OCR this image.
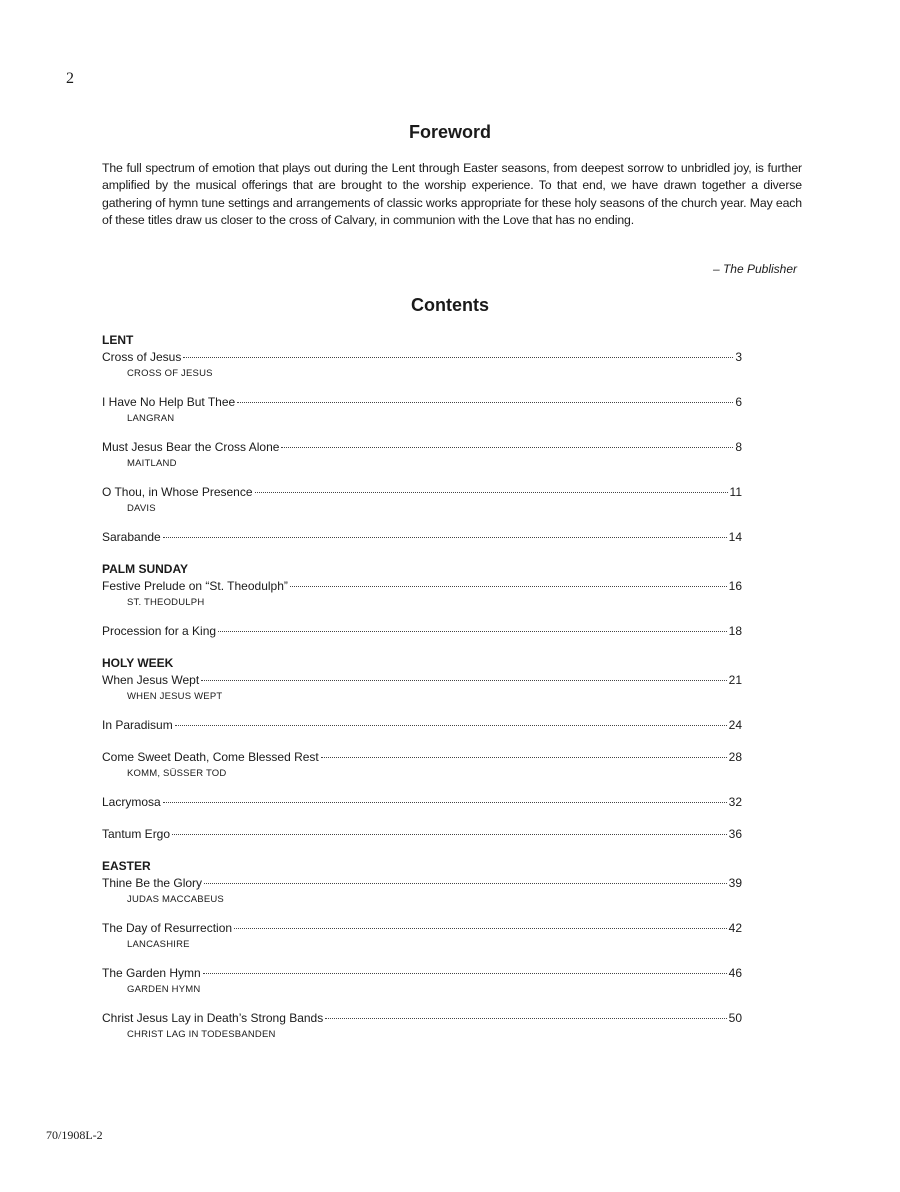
2
Foreword
The full spectrum of emotion that plays out during the Lent through Easter seasons, from deepest sorrow to unbridled joy, is further amplified by the musical offerings that are brought to the worship experience. To that end, we have drawn together a diverse gathering of hymn tune settings and arrangements of classic works appropriate for these holy seasons of the church year. May each of these titles draw us closer to the cross of Calvary, in communion with the Love that has no ending.
– The Publisher
Contents
LENT
Cross of Jesus	3
CROSS OF JESUS
I Have No Help But Thee	6
LANGRAN
Must Jesus Bear the Cross Alone	8
MAITLAND
O Thou, in Whose Presence	11
DAVIS
Sarabande	14
PALM SUNDAY
Festive Prelude on “St. Theodulph”	16
ST. THEODULPH
Procession for a King	18
HOLY WEEK
When Jesus Wept	21
WHEN JESUS WEPT
In Paradisum	24
Come Sweet Death, Come Blessed Rest	28
KOMM, SÜSSER TOD
Lacrymosa	32
Tantum Ergo	36
EASTER
Thine Be the Glory	39
JUDAS MACCABEUS
The Day of Resurrection	42
LANCASHIRE
The Garden Hymn	46
GARDEN HYMN
Christ Jesus Lay in Death’s Strong Bands	50
CHRIST LAG IN TODESBANDEN
70/1908L-2
